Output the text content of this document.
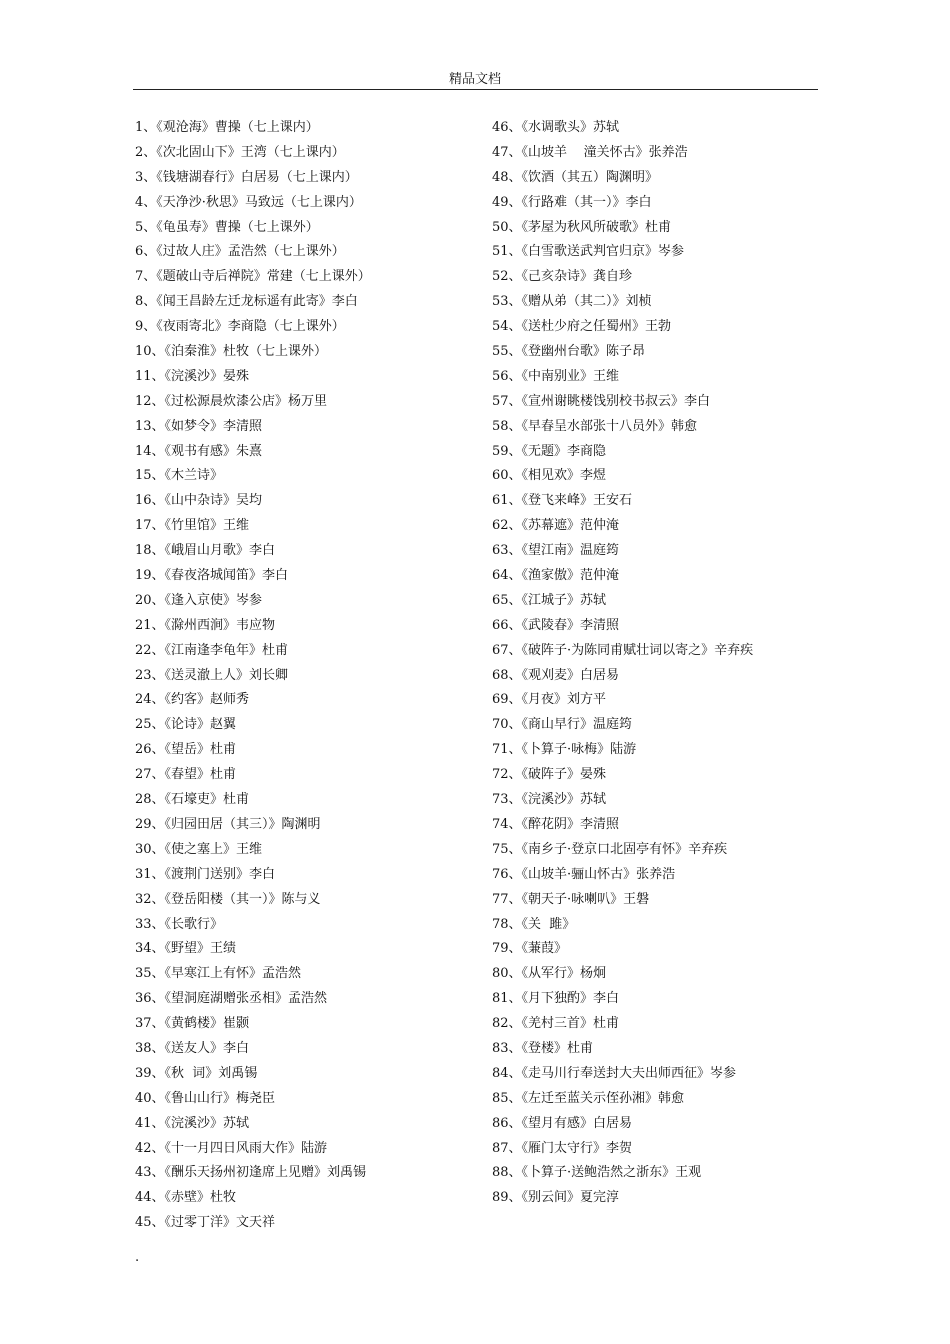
精品文档
1、《观沧海》曹操（七上课内）
2、《次北固山下》王湾（七上课内）
3、《钱塘湖春行》白居易（七上课内）
4、《天净沙·秋思》马致远（七上课内）
5、《龟虽寿》曹操（七上课外）
6、《过故人庄》孟浩然（七上课外）
7、《题破山寺后禅院》常建（七上课外）
8、《闻王昌龄左迁龙标遥有此寄》李白
9、《夜雨寄北》李商隐（七上课外）
10、《泊秦淮》杜牧（七上课外）
11、《浣溪沙》晏殊
12、《过松源晨炊漆公店》杨万里
13、《如梦令》李清照
14、《观书有感》朱熹
15、《木兰诗》
16、《山中杂诗》吴均
17、《竹里馆》王维
18、《峨眉山月歌》李白
19、《春夜洛城闻笛》李白
20、《逢入京使》岑参
21、《滁州西涧》韦应物
22、《江南逢李龟年》杜甫
23、《送灵澈上人》刘长卿
24、《约客》赵师秀
25、《论诗》赵翼
26、《望岳》杜甫
27、《春望》杜甫
28、《石壕吏》杜甫
29、《归园田居（其三）》陶渊明
30、《使之塞上》王维
31、《渡荆门送别》李白
32、《登岳阳楼（其一）》陈与义
33、《长歌行》
34、《野望》王绩
35、《早寒江上有怀》孟浩然
36、《望洞庭湖赠张丞相》孟浩然
37、《黄鹤楼》崔颢
38、《送友人》李白
39、《秋  词》刘禹锡
40、《鲁山山行》梅尧臣
41、《浣溪沙》苏轼
42、《十一月四日风雨大作》陆游
43、《酬乐天扬州初逢席上见赠》刘禹锡
44、《赤壁》杜牧
45、《过零丁洋》文天祥
46、《水调歌头》苏轼
47、《山坡羊    潼关怀古》张养浩
48、《饮酒（其五）陶渊明》
49、《行路难（其一）》李白
50、《茅屋为秋风所破歌》杜甫
51、《白雪歌送武判官归京》岑参
52、《己亥杂诗》龚自珍
53、《赠从弟（其二）》刘桢
54、《送杜少府之任蜀州》王勃
55、《登幽州台歌》陈子昂
56、《中南别业》王维
57、《宣州谢眺楼饯别校书叔云》李白
58、《早春呈水部张十八员外》韩愈
59、《无题》李商隐
60、《相见欢》李煜
61、《登飞来峰》王安石
62、《苏幕遮》范仲淹
63、《望江南》温庭筠
64、《渔家傲》范仲淹
65、《江城子》苏轼
66、《武陵春》李清照
67、《破阵子·为陈同甫赋壮词以寄之》辛弃疾
68、《观刈麦》白居易
69、《月夜》刘方平
70、《商山早行》温庭筠
71、《卜算子·咏梅》陆游
72、《破阵子》晏殊
73、《浣溪沙》苏轼
74、《醉花阴》李清照
75、《南乡子·登京口北固亭有怀》辛弃疾
76、《山坡羊·骊山怀古》张养浩
77、《朝天子·咏喇叭》王磐
78、《关  雎》
79、《蒹葭》
80、《从军行》杨炯
81、《月下独酌》李白
82、《羌村三首》杜甫
83、《登楼》杜甫
84、《走马川行奉送封大夫出师西征》岑参
85、《左迁至蓝关示侄孙湘》韩愈
86、《望月有感》白居易
87、《雁门太守行》李贺
88、《卜算子·送鲍浩然之浙东》王观
89、《别云间》夏完淳
.
